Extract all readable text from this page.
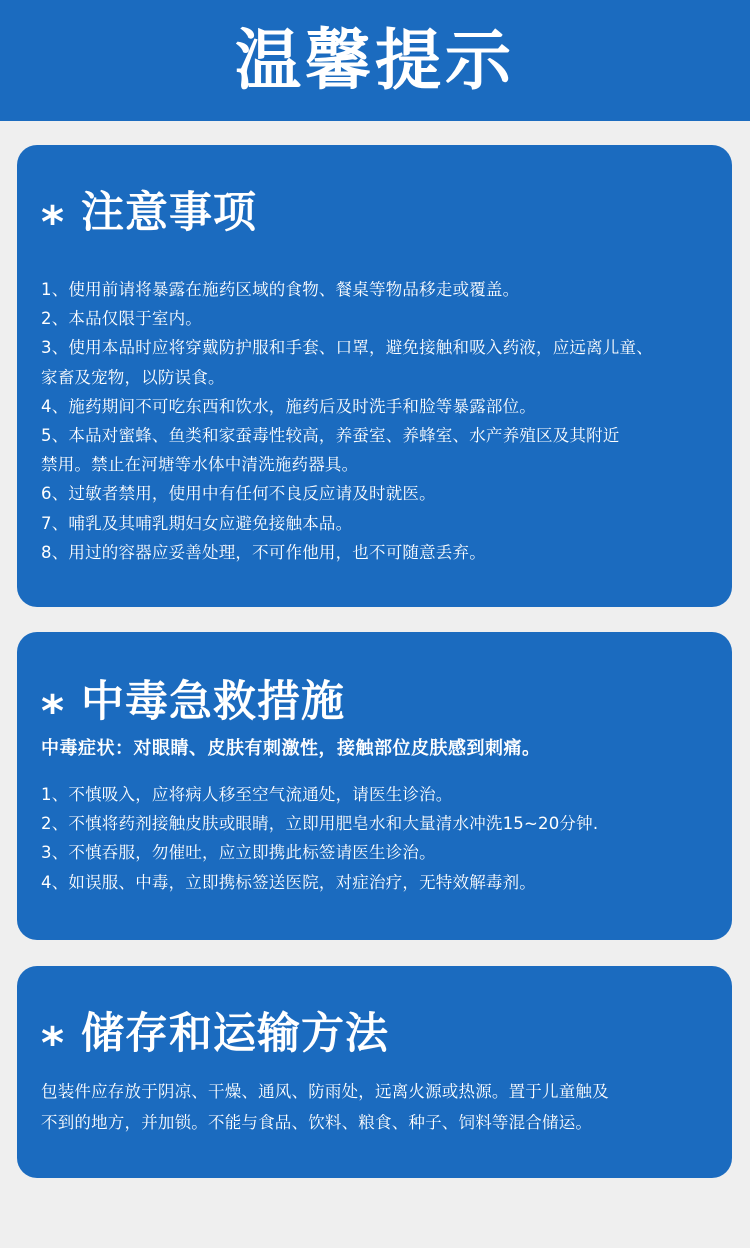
温馨提示
* 注意事项
1、使用前请将暴露在施药区域的食物、餐桌等物品移走或覆盖。
2、本品仅限于室内。
3、使用本品时应将穿戴防护服和手套、口罩，避免接触和吸入药液，应远离儿童、
家畜及宠物，以防误食。
4、施药期间不可吃东西和饮水，施药后及时洗手和脸等暴露部位。
5、本品对蜜蜂、鱼类和家蚕毒性较高，养蚕室、养蜂室、水产养殖区及其附近
禁用。禁止在河塘等水体中清洗施药器具。
6、过敏者禁用，使用中有任何不良反应请及时就医。
7、哺乳及其哺乳期妇女应避免接触本品。
8、用过的容器应妥善处理，不可作他用，也不可随意丢弃。
* 中毒急救措施
中毒症状：对眼睛、皮肤有刺激性，接触部位皮肤感到刺痛。
1、不慎吸入，应将病人移至空气流通处，请医生诊治。
2、不慎将药剂接触皮肤或眼睛，立即用肥皂水和大量清水冲洗15~20分钟.
3、不慎吞服，勿催吐，应立即携此标签请医生诊治。
4、如误服、中毒，立即携标签送医院，对症治疗，无特效解毒剂。
* 储存和运输方法
包装件应存放于阴凉、干燥、通风、防雨处，远离火源或热源。置于儿童触及
不到的地方，并加锁。不能与食品、饮料、粮食、种子、饲料等混合储运。
